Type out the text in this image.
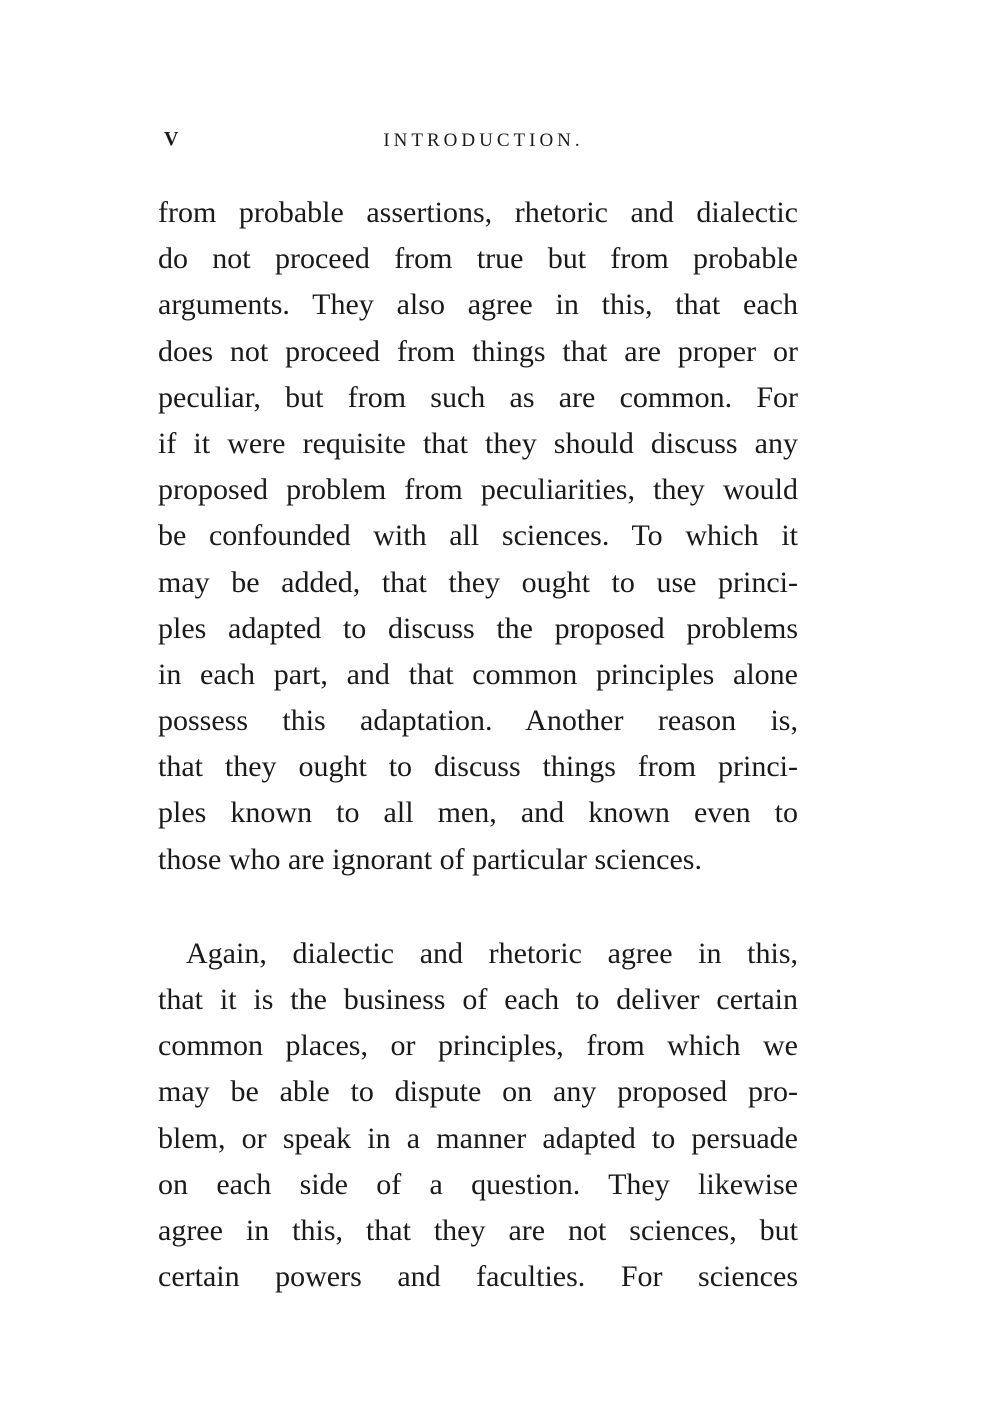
V	INTRODUCTION.
from probable assertions, rhetoric and dialectic
do not proceed from true but from probable
arguments. They also agree in this, that each
does not proceed from things that are proper or
peculiar, but from such as are common. For
if it were requisite that they should discuss any
proposed problem from peculiarities, they would
be confounded with all sciences. To which it
may be added, that they ought to use princi-
ples adapted to discuss the proposed problems
in each part, and that common principles alone
possess this adaptation. Another reason is,
that they ought to discuss things from princi-
ples known to all men, and known even to
those who are ignorant of particular sciences.
Again, dialectic and rhetoric agree in this,
that it is the business of each to deliver certain
common places, or principles, from which we
may be able to dispute on any proposed pro-
blem, or speak in a manner adapted to persuade
on each side of a question. They likewise
agree in this, that they are not sciences, but
certain powers and faculties. For sciences
